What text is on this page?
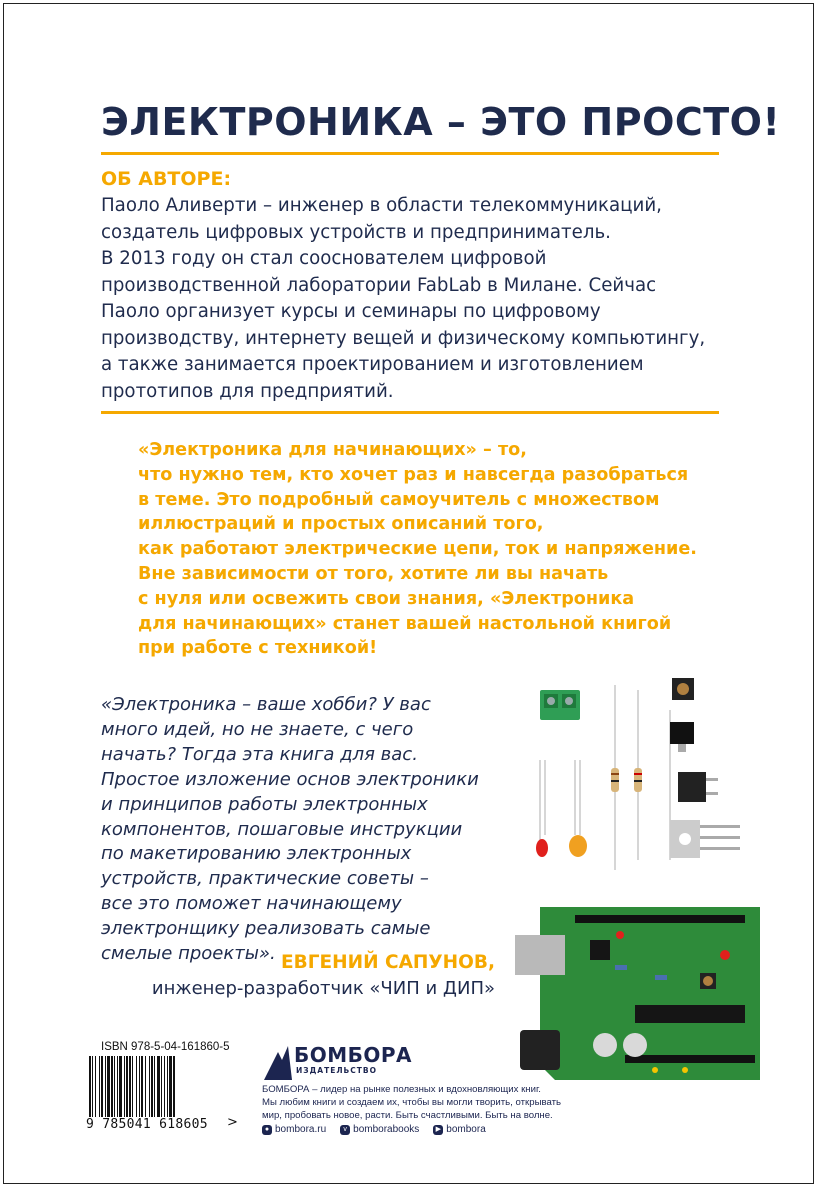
ЭЛЕКТРОНИКА – ЭТО ПРОСТО!
ОБ АВТОРЕ:
Паоло Аливерти – инженер в области телекоммуникаций,
создатель цифровых устройств и предприниматель.
В 2013 году он стал сооснователем цифровой
производственной лаборатории FabLab в Милане. Сейчас
Паоло организует курсы и семинары по цифровому
производству, интернету вещей и физическому компьютингу,
а также занимается проектированием и изготовлением
прототипов для предприятий.
«Электроника для начинающих» – то,
что нужно тем, кто хочет раз и навсегда разобраться
в теме. Это подробный самоучитель с множеством
иллюстраций и простых описаний того,
как работают электрические цепи, ток и напряжение.
Вне зависимости от того, хотите ли вы начать
с нуля или освежить свои знания, «Электроника
для начинающих» станет вашей настольной книгой
при работе с техникой!
«Электроника – ваше хобби? У вас
много идей, но не знаете, с чего
начать? Тогда эта книга для вас.
Простое изложение основ электроники
и принципов работы электронных
компонентов, пошаговые инструкции
по макетированию электронных
устройств, практические советы –
все это поможет начинающему
электронщику реализовать самые
смелые проекты». ЕВГЕНИЙ САПУНОВ,
инженер-разработчик «ЧИП и ДИП»
ISBN 978-5-04-161860-5
9 785041 618605	>
БОМБОРА
ИЗДАТЕЛЬСТВО
БОМБОРА – лидер на рынке полезных и вдохновляющих книг.
Мы любим книги и создаем их, чтобы вы могли творить, открывать
мир, пробовать новое, расти. Быть счастливыми. Быть на волне.
● bombora.ru	v bomborabooks	▶ bombora
